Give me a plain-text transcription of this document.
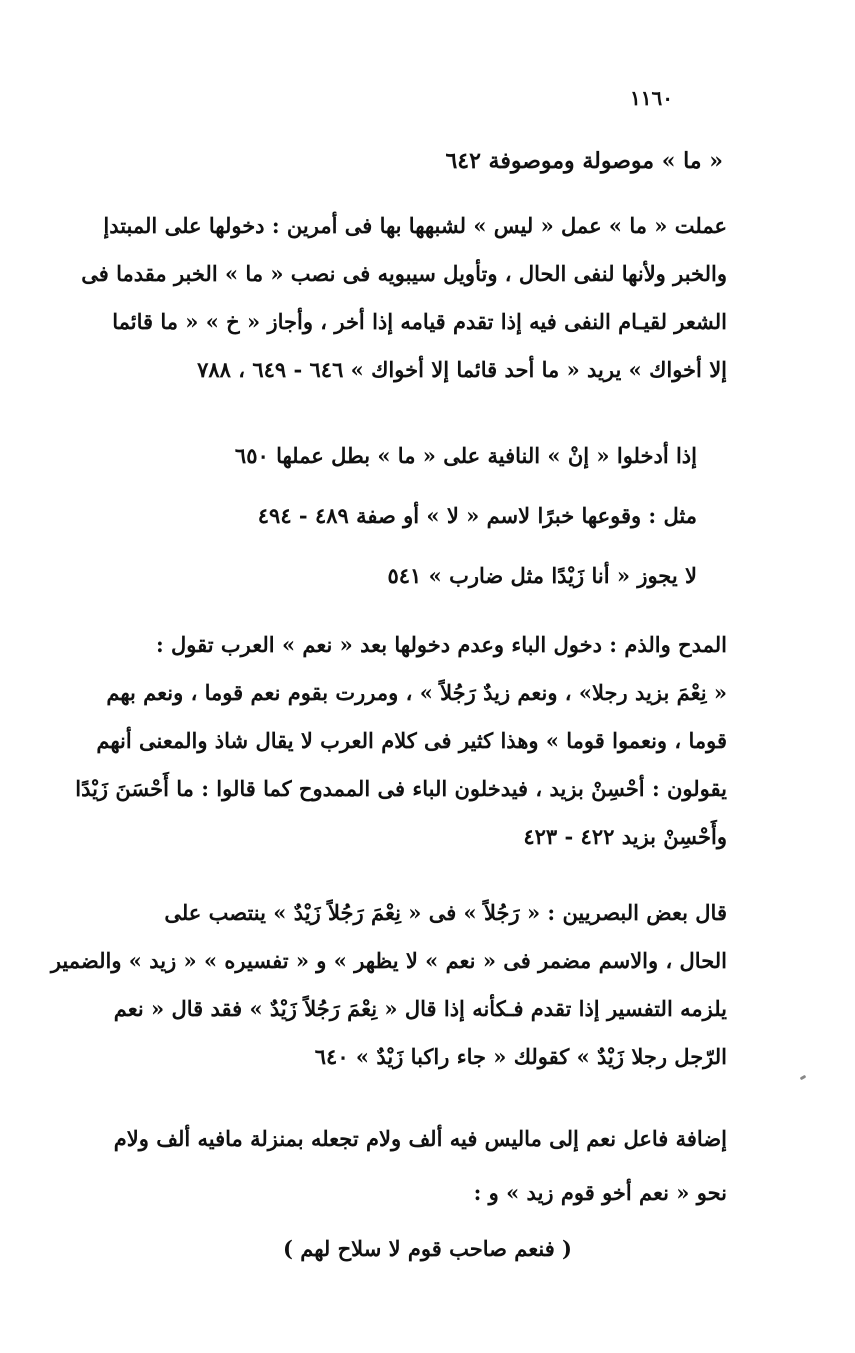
١١٦٠
« ما » موصولة وموصوفة ٦٤٢
عملت « ما » عمل « ليس » لشبهها بها فى أمرين : دخولها على المبتدإ
والخبر ولأنها لنفى الحال ، وتأويل سيبويه فى نصب « ما » الخبر مقدما فى
الشعر لقيـام النفى فيه إذا تقدم قيامه إذا أخر ، وأجاز « خ » « ما قائما
إلا أخواك » يريد « ما أحد قائما إلا أخواك » ٦٤٦ - ٦٤٩ ، ٧٨٨
إذا أدخلوا « إنْ » النافية على « ما » بطل عملها ٦٥٠
مثل : وقوعها خبرًا لاسم « لا » أو صفة ٤٨٩ - ٤٩٤
لا يجوز « أنا زَيْدًا مثل ضارب » ٥٤١
المدح والذم : دخول الباء وعدم دخولها بعد « نعم » العرب تقول :
« نِعْمَ بزيد رجلا» ، ونعم زيدٌ رَجُلاً » ، ومررت بقوم نعم قوما ، ونعم بهم
قوما ، ونعموا قوما » وهذا كثير فى كلام العرب لا يقال شاذ والمعنى أنهم
يقولون : أحْسِنْ بزيد ، فيدخلون الباء فى الممدوح كما قالوا : ما أَحْسَنَ زَيْدًا
وأَحْسِنْ بزيد ٤٢٢ - ٤٢٣
قال بعض البصريين : « رَجُلاً » فى « نِعْمَ رَجُلاً زَيْدٌ » ينتصب على
الحال ، والاسم مضمر فى « نعم » لا يظهر » و « تفسيره » « زيد » والضمير
يلزمه التفسير إذا تقدم فـكأنه إذا قال « نِعْمَ رَجُلاً زَيْدٌ » فقد قال « نعم
الرّجل رجلا زَيْدٌ » كقولك « جاء راكبا زَيْدٌ » ٦٤٠
إضافة فاعل نعم إلى ماليس فيه ألف ولام تجعله بمنزلة مافيه ألف ولام
نحو « نعم أخو قوم زيد » و :
( فنعم صاحب قوم لا سلاح لهم )
